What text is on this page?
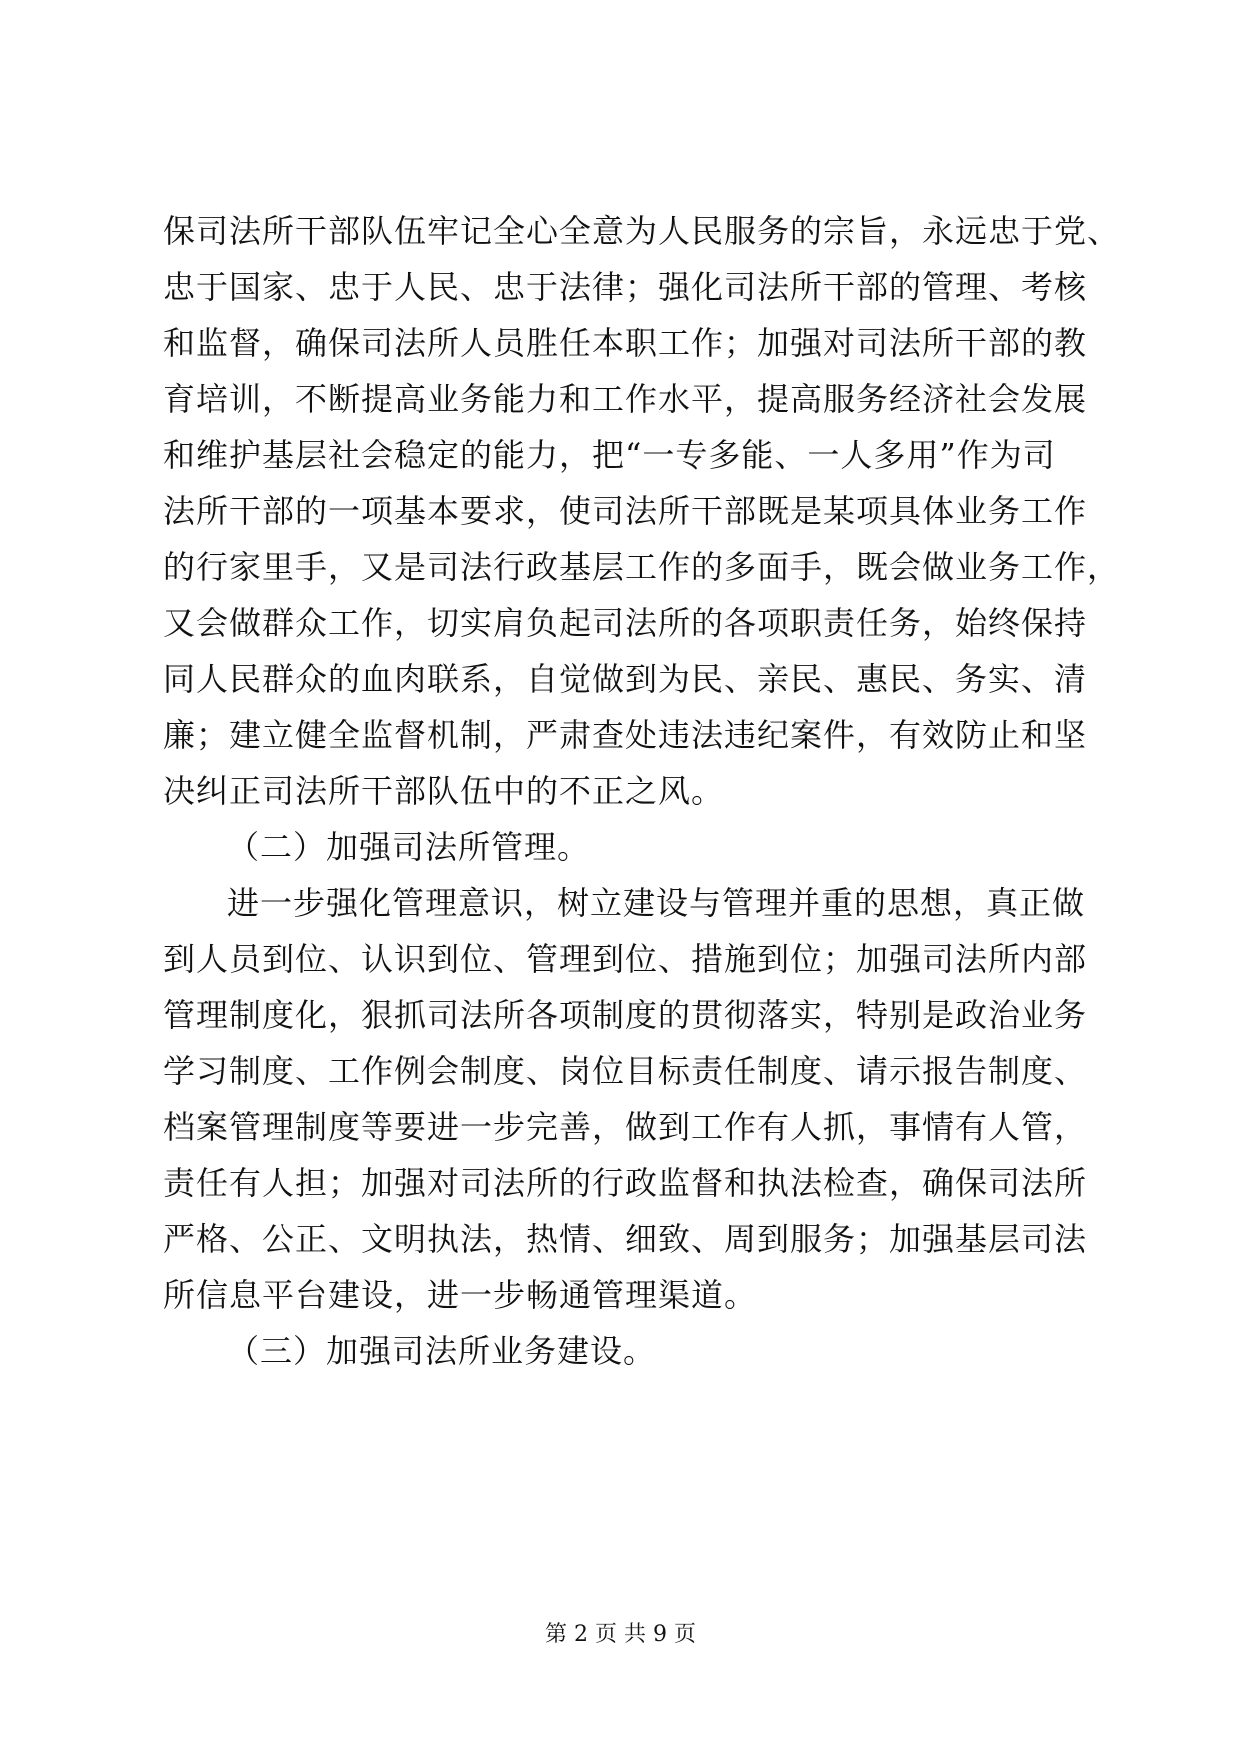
保司法所干部队伍牢记全心全意为人民服务的宗旨，永远忠于党、
忠于国家、忠于人民、忠于法律；强化司法所干部的管理、考核
和监督，确保司法所人员胜任本职工作；加强对司法所干部的教
育培训，不断提高业务能力和工作水平，提高服务经济社会发展
和维护基层社会稳定的能力，把“一专多能、一人多用”作为司
法所干部的一项基本要求，使司法所干部既是某项具体业务工作
的行家里手，又是司法行政基层工作的多面手，既会做业务工作，
又会做群众工作，切实肩负起司法所的各项职责任务，始终保持
同人民群众的血肉联系，自觉做到为民、亲民、惠民、务实、清
廉；建立健全监督机制，严肃查处违法违纪案件，有效防止和坚
决纠正司法所干部队伍中的不正之风。
（二）加强司法所管理。
进一步强化管理意识，树立建设与管理并重的思想，真正做
到人员到位、认识到位、管理到位、措施到位；加强司法所内部
管理制度化，狠抓司法所各项制度的贯彻落实，特别是政治业务
学习制度、工作例会制度、岗位目标责任制度、请示报告制度、
档案管理制度等要进一步完善，做到工作有人抓，事情有人管，
责任有人担；加强对司法所的行政监督和执法检查，确保司法所
严格、公正、文明执法，热情、细致、周到服务；加强基层司法
所信息平台建设，进一步畅通管理渠道。
（三）加强司法所业务建设。
第 2 页 共 9 页
